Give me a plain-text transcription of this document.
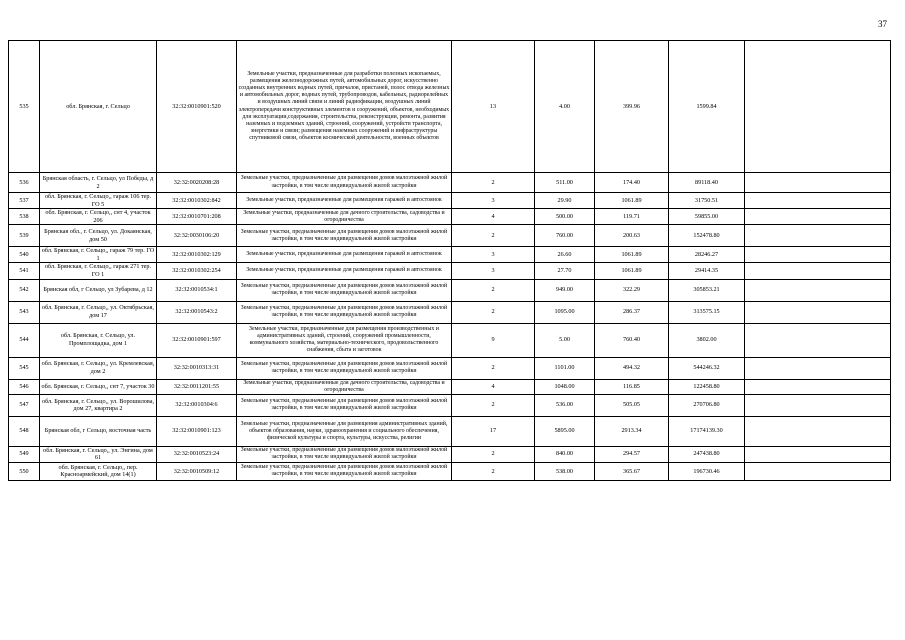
37
535	обл. Брянская, г. Сельцо	32:32:0010901:520	Земельные участки, предназначенные для разработки полезных ископаемых, размещения железнодорожных путей, автомобильных дорог, искусственно созданных внутренних водных путей, причалов, пристаней, полос отвода железных и автомобильных дорог, водных путей, трубопроводов, кабельных, радиорелейных и воздушных линий связи и линий радиофикации, воздушных линий электропередачи конструктивных элементов и сооружений, объектов, необходимых для эксплуатации,содержания, строительства, реконструкции, ремонта, развития наземных и подземных зданий, строений, сооружений, устройств транспорта, энергетики и связи; размещения наземных сооружений и инфраструктуры спутниковой связи, объектов космической деятельности, военных объектов	13	4.00	399.96	1599.84	
536	Брянская область, г. Сельцо, ул Победы, д 2	32:32:0020208:28	Земельные участки, предназначенные для размещения домов малоэтажной жилой застройки, в том числе индивидуальной жилой застройки	2	511.00	174.40	89118.40	
537	обл. Брянская, г. Сельцо,, гараж 106 тер. ГО 5	32:32:0010302:842	Земельные участки, предназначенные для размещения гаражей и автостоянок	3	29.90	1061.89	31750.51	
538	обл. Брянская, г. Сельцо,, снт 4, участок 206	32:32:0010701:208	Земельные участки, предназначенные для дачного строительства, садоводства и огородничества	4	500.00	119.71	59855.00	
539	Брянская обл., г. Сельцо, ул. Докаянская, дом 50	32:32:0030106:20	Земельные участки, предназначенные для размещения домов малоэтажной жилой застройки, в том числе индивидуальной жилой застройки	2	760.00	200.63	152478.80	
540	обл. Брянская, г. Сельцо,, гараж 79 тер. ГО 1	32:32:0010302:129	Земельные участки, предназначенные для размещения гаражей и автостоянок	3	26.60	1061.89	28246.27	
541	обл. Брянская, г. Сельцо,, гараж 271 тер. ГО 1	32:32:0010302:254	Земельные участки, предназначенные для размещения гаражей и автостоянок	3	27.70	1061.89	29414.35	
542	Брянская обл, г Сельцо, ул Зубарева, д 12	32:32:0010534:1	Земельные участки, предназначенные для размещения домов малоэтажной жилой застройки, в том числе индивидуальной жилой застройки	2	949.00	322.29	305853.21	
543	обл. Брянская, г. Сельцо,, ул. Октябрьская, дом 17	32:32:0010543:2	Земельные участки, предназначенные для размещения домов малоэтажной жилой застройки, в том числе индивидуальной жилой застройки	2	1095.00	286.37	313575.15	
544	обл. Брянская, г. Сельцо, ул. Промплощадка, дом 1	32:32:0010901:597	Земельные участки, предназначенные для размещения производственных и административных зданий, строений, сооружений промышленности, коммунального хозяйства, материально-технического, продовольственного снабжения, сбыта и заготовок	9	5.00	760.40	3802.00	
545	обл. Брянская, г. Сельцо,, ул. Кремлевская, дом 2	32:32:0010313:31	Земельные участки, предназначенные для размещения домов малоэтажной жилой застройки, в том числе индивидуальной жилой застройки	2	1101.00	494.32	544246.32	
546	обл. Брянская, г. Сельцо,, снт 7, участок 30	32:32:0011201:55	Земельные участки, предназначенные для дачного строительства, садоводства и огородничества	4	1048.00	116.85	122458.80	
547	обл. Брянская, г. Сельцо,, ул. Ворошилова, дом 27, квартира 2	32:32:0010304:6	Земельные участки, предназначенные для размещения домов малоэтажной жилой застройки, в том числе индивидуальной жилой застройки	2	536.00	505.05	270706.80	
548	Брянская обл, г Сельцо, восточная часть	32:32:0010901:123	Земельные участки, предназначенные для размещения административных зданий, объектов образования, науки, здравоохранения и социального обеспечения, физической культуры и спорта, культуры, искусства, религии	17	5895.00	2913.34	17174139.30	
549	обл. Брянская, г. Сельцо,, ул. Энгина, дом 61	32:32:0010523:24	Земельные участки, предназначенные для размещения домов малоэтажной жилой застройки, в том числе индивидуальной жилой застройки	2	840.00	294.57	247438.80	
550	обл. Брянская, г. Сельцо,, пер. Красноармейский, дом 14(1)	32:32:0010509:12	Земельные участки, предназначенные для размещения домов малоэтажной жилой застройки, в том числе индивидуальной жилой застройки	2	538.00	365.67	196730.46	
